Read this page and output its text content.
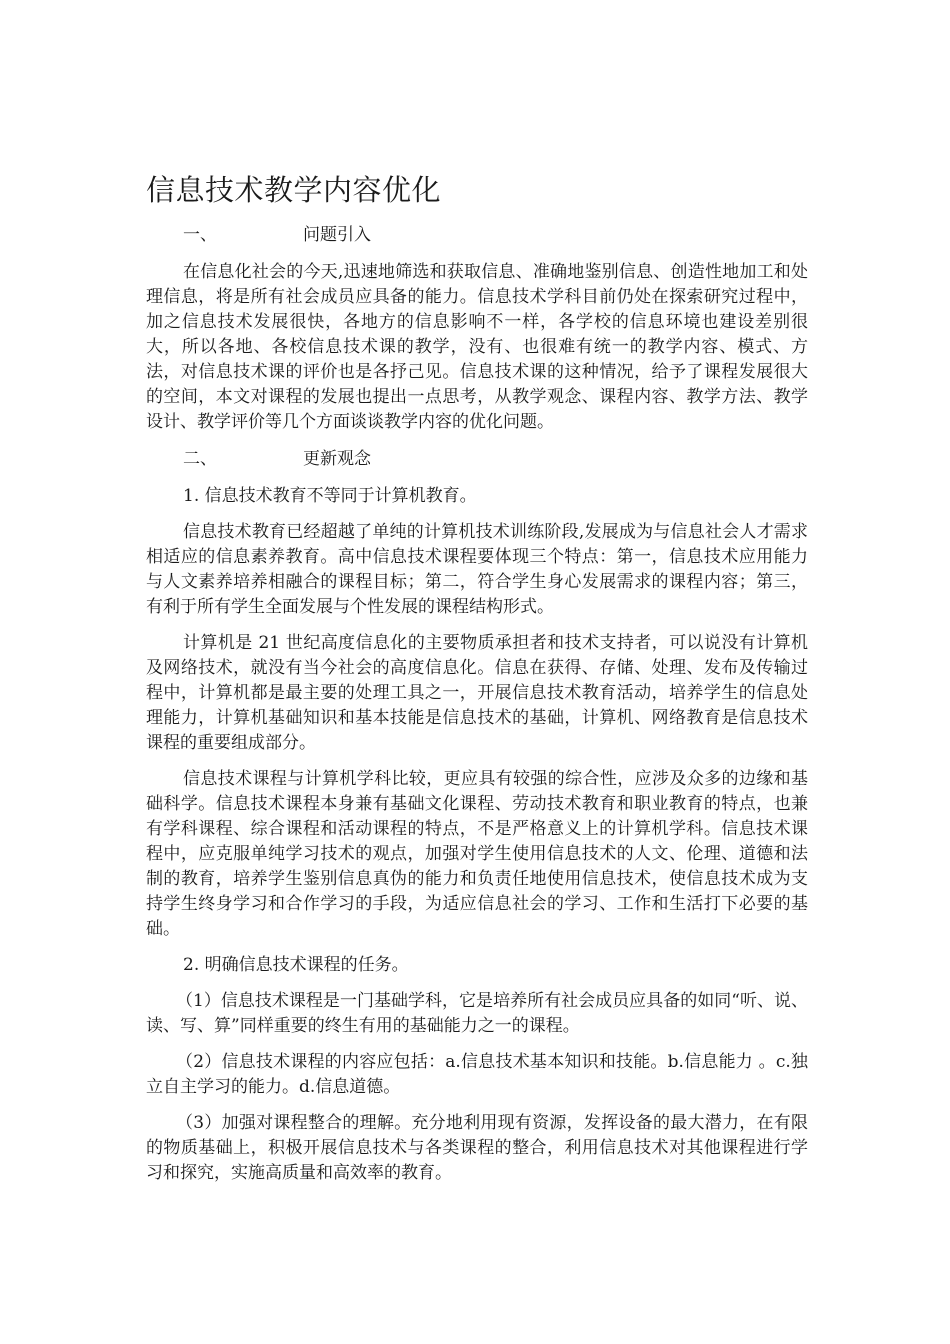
信息技术教学内容优化
一、	问题引入

在信息化社会的今天,迅速地筛选和获取信息、准确地鉴别信息、创造性地加工和处理信息，将是所有社会成员应具备的能力。信息技术学科目前仍处在探索研究过程中，加之信息技术发展很快，各地方的信息影响不一样，各学校的信息环境也建设差别很大，所以各地、各校信息技术课的教学，没有、也很难有统一的教学内容、模式、方法，对信息技术课的评价也是各抒己见。信息技术课的这种情况，给予了课程发展很大的空间，本文对课程的发展也提出一点思考，从教学观念、课程内容、教学方法、教学设计、教学评价等几个方面谈谈教学内容的优化问题。

二、	更新观念

1. 信息技术教育不等同于计算机教育。

信息技术教育已经超越了单纯的计算机技术训练阶段,发展成为与信息社会人才需求相适应的信息素养教育。高中信息技术课程要体现三个特点：第一，信息技术应用能力与人文素养培养相融合的课程目标；第二，符合学生身心发展需求的课程内容；第三，有利于所有学生全面发展与个性发展的课程结构形式。

计算机是 21 世纪高度信息化的主要物质承担者和技术支持者，可以说没有计算机及网络技术，就没有当今社会的高度信息化。信息在获得、存储、处理、发布及传输过程中，计算机都是最主要的处理工具之一，开展信息技术教育活动，培养学生的信息处理能力，计算机基础知识和基本技能是信息技术的基础，计算机、网络教育是信息技术课程的重要组成部分。

信息技术课程与计算机学科比较，更应具有较强的综合性，应涉及众多的边缘和基础科学。信息技术课程本身兼有基础文化课程、劳动技术教育和职业教育的特点，也兼有学科课程、综合课程和活动课程的特点，不是严格意义上的计算机学科。信息技术课程中，应克服单纯学习技术的观点，加强对学生使用信息技术的人文、伦理、道德和法制的教育，培养学生鉴别信息真伪的能力和负责任地使用信息技术，使信息技术成为支持学生终身学习和合作学习的手段，为适应信息社会的学习、工作和生活打下必要的基础。

2. 明确信息技术课程的任务。

（1）信息技术课程是一门基础学科，它是培养所有社会成员应具备的如同“听、说、读、写、算”同样重要的终生有用的基础能力之一的课程。

（2）信息技术课程的内容应包括：a.信息技术基本知识和技能。b.信息能力 。c.独立自主学习的能力。d.信息道德。

（3）加强对课程整合的理解。充分地利用现有资源，发挥设备的最大潜力，在有限的物质基础上，积极开展信息技术与各类课程的整合，利用信息技术对其他课程进行学习和探究，实施高质量和高效率的教育。
